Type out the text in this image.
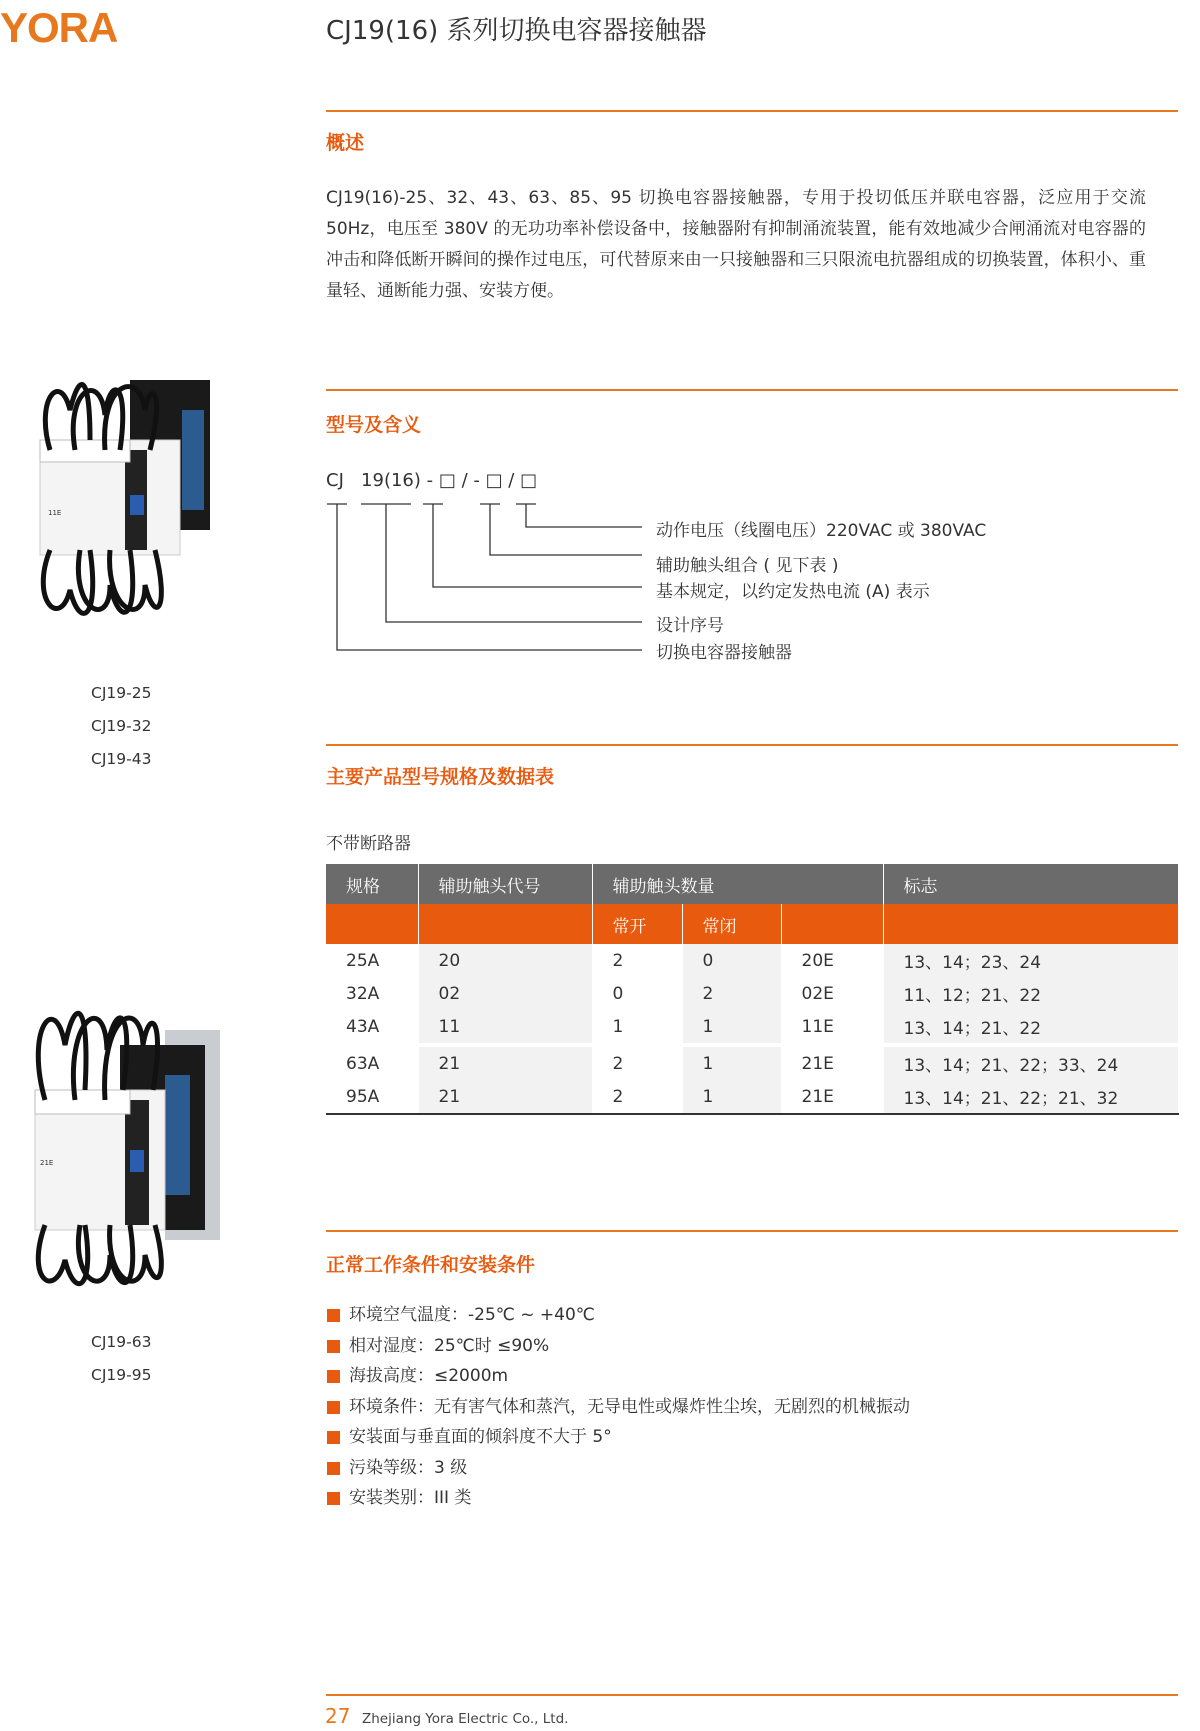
YORA	CJ19(16) 系列切换电容器接触器
概述
CJ19(16)-25、32、43、63、85、95 切换电容器接触器，专用于投切低压并联电容器，泛应用于交流 50Hz，电压至 380V 的无功功率补偿设备中，接触器附有抑制涌流装置，能有效地减少合闸涌流对电容器的冲击和降低断开瞬间的操作过电压，可代替原来由一只接触器和三只限流电抗器组成的切换装置，体积小、重量轻、通断能力强、安装方便。
11E
CJ19-25
CJ19-32
CJ19-43
型号及含义
CJ   19(16) - □ / - □ / □
动作电压（线圈电压）220VAC 或 380VAC
辅助触头组合 ( 见下表 )
基本规定，以约定发热电流 (A) 表示
设计序号
切换电容器接触器
主要产品型号规格及数据表
不带断路器
规格	辅助触头代号	辅助触头数量			标志
		常开	常闭		
25A	20	2	0	20E	13、14；23、24
32A	02	0	2	02E	11、12；21、22
43A	11	1	1	11E	13、14；21、22
63A	21	2	1	21E	13、14；21、22；33、24
95A	21	2	1	21E	13、14；21、22；21、32
21E
CJ19-63
CJ19-95
正常工作条件和安装条件
环境空气温度：-25℃ ~ +40℃
相对湿度：25℃时 ≤90%
海拔高度：≤2000m
环境条件：无有害气体和蒸汽，无导电性或爆炸性尘埃，无剧烈的机械振动
安装面与垂直面的倾斜度不大于 5°
污染等级：3 级
安装类别：III 类
27 Zhejiang Yora Electric Co., Ltd.
